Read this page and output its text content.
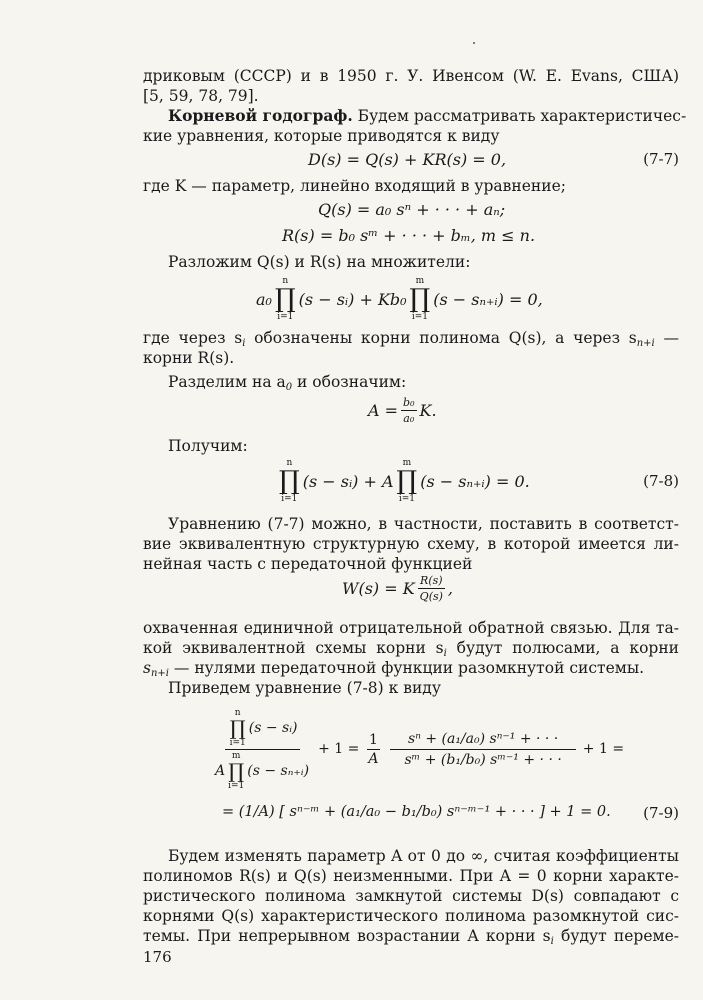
дриковым (СССР) и в 1950 г. У. Ивенсом (W. E. Evans, США)
[5, 59, 78, 79].
Корневой годограф. Будем рассматривать характеристичес-
кие уравнения, которые приводятся к виду
D(s) = Q(s) + KR(s) = 0,	(7-7)
где K — параметр, линейно входящий в уравнение;
Q(s) = a₀ sⁿ + · · · + aₙ;
R(s) = b₀ sᵐ + · · · + bₘ, m ≤ n.
Разложим Q(s) и R(s) на множители:
a₀
n
∏
i=1
(s − sᵢ) + Kb₀
m
∏
i=1
(s − sₙ₊ᵢ) = 0,
где через $s_i$ обозначены корни полинома Q(s), а через $s_{n+i}$ —
корни R(s).
Разделим на $a_0$ и обозначим:
$A = \frac{\text{b₀}}{\text{a₀}} K$.
Получим:
n
∏
i=1
(s − sᵢ) + A
m
∏
i=1
(s − sₙ₊ᵢ) = 0.	(7-8)
Уравнению (7-7) можно, в частности, поставить в соответст-
вие эквивалентную структурную схему, в которой имеется ли-
нейная часть с передаточной функцией
W(s) = K $\frac{R(s)}{Q(s)}$ ,
охваченная единичной отрицательной обратной связью. Для та-
кой эквивалентной схемы корни $s_i$ будут полюсами, а корни
$s_{n+i}$ — нулями передаточной функции разомкнутой системы.
Приведем уравнение (7-8) к виду
n
∏
i=1
(s − sᵢ)
A
m
∏
i=1
(s − sₙ₊ᵢ) + $1 = \frac{1}{A} \frac{\text{sⁿ + (a₁/a₀) sⁿ⁻¹ + · · ·}}{\text{sᵐ + (b₁/b₀) sᵐ⁻¹ + · · ·}} + 1$ =
= (1/A) [ sⁿ⁻ᵐ + (a₁/a₀ − b₁/b₀) sⁿ⁻ᵐ⁻¹ + · · · ] + 1 = 0. (7-9)
Будем изменять параметр A от 0 до ∞, считая коэффициенты
полиномов R(s) и Q(s) неизменными. При A = 0 корни характе-
ристического полинома замкнутой системы D(s) совпадают с
корнями Q(s) характеристического полинома разомкнутой сис-
темы. При непрерывном возрастании A корни $s_i$ будут переме-
176
